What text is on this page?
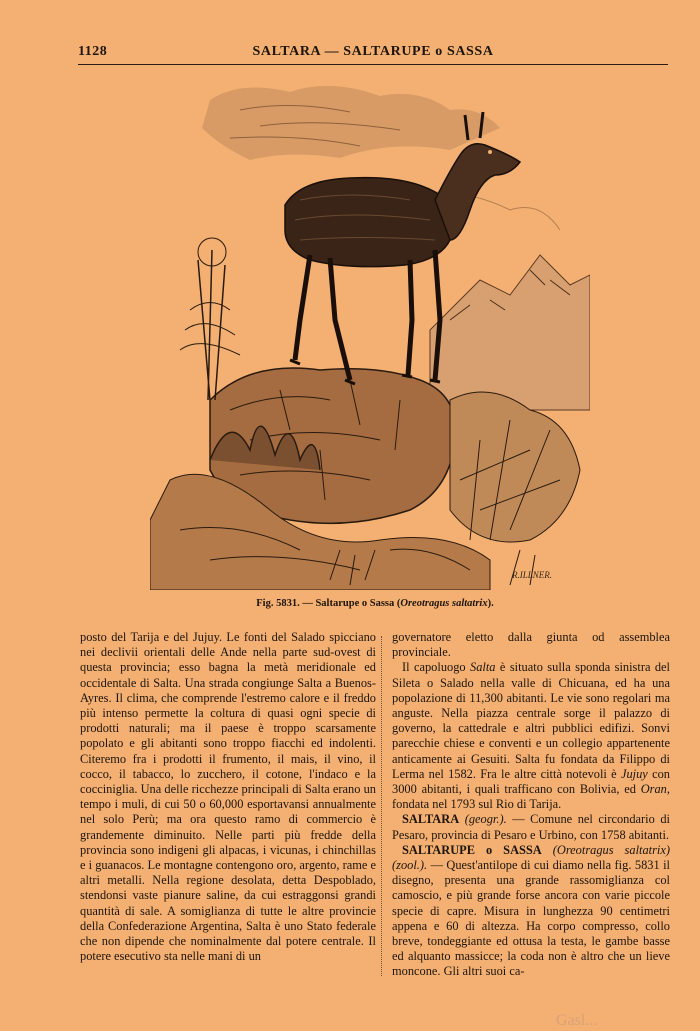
1128	SALTARA — SALTARUPE o SASSA
R.ILLNER.
Fig. 5831. — Saltarupe o Sassa (Oreotragus saltatrix).

posto del Tarija e del Jujuy. Le fonti del Salado spicciano nei declivii orientali delle Ande nella parte sud-ovest di questa provincia; esso bagna la metà meridionale ed occidentale di Salta. Una strada congiunge Salta a Buenos-Ayres. Il clima, che comprende l'estremo calore e il freddo più intenso permette la coltura di quasi ogni specie di prodotti naturali; ma il paese è troppo scarsamente popolato e gli abitanti sono troppo fiacchi ed indolenti. Citeremo fra i prodotti il frumento, il mais, il vino, il cocco, il tabacco, lo zucchero, il cotone, l'indaco e la cocciniglia. Una delle ricchezze principali di Salta erano un tempo i muli, di cui 50 o 60,000 esportavansi annualmente nel solo Perù; ma ora questo ramo di commercio è grandemente diminuito. Nelle parti più fredde della provincia sono indigeni gli alpacas, i vicunas, i chinchillas e i guanacos. Le montagne contengono oro, argento, rame e altri metalli. Nella regione desolata, detta Despoblado, stendonsi vaste pianure saline, da cui estraggonsi grandi quantità di sale. A somiglianza di tutte le altre provincie della Confederazione Argentina, Salta è uno Stato federale che non dipende che nominalmente dal potere centrale. Il potere esecutivo sta nelle mani di un

governatore eletto dalla giunta od assemblea provinciale.

Il capoluogo Salta è situato sulla sponda sinistra del Sileta o Salado nella valle di Chicuana, ed ha una popolazione di 11,300 abitanti. Le vie sono regolari ma anguste. Nella piazza centrale sorge il palazzo di governo, la cattedrale e altri pubblici edifizi. Sonvi parecchie chiese e conventi e un collegio appartenente anticamente ai Gesuiti. Salta fu fondata da Filippo di Lerma nel 1582. Fra le altre città notevoli è Jujuy con 3000 abitanti, i quali trafficano con Bolivia, ed Oran, fondata nel 1793 sul Rio di Tarija.

SALTARA (geogr.). — Comune nel circondario di Pesaro, provincia di Pesaro e Urbino, con 1758 abitanti.

SALTARUPE o SASSA (Oreotragus saltatrix) (zool.). — Quest'antilope di cui diamo nella fig. 5831 il disegno, presenta una grande rassomiglianza col camoscio, e più grande forse ancora con varie piccole specie di capre. Misura in lunghezza 90 centimetri appena e 60 di altezza. Ha corpo compresso, collo breve, tondeggiante ed ottusa la testa, le gambe basse ed alquanto massicce; la coda non è altro che un lieve moncone. Gli altri suoi ca-

Gasl...
